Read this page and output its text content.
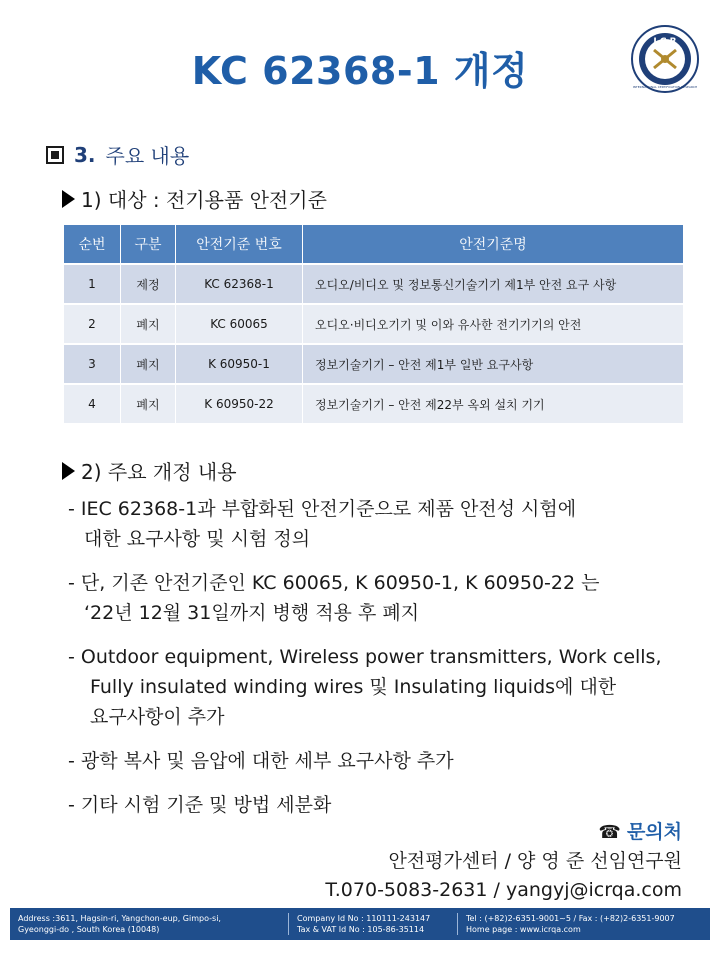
KC 62368-1 개정
I C R
INTERNATIONAL CERTIFICATION RESEARCH
3. 주요 내용
1) 대상 : 전기용품 안전기준
순번	구분	안전기준 번호	안전기준명
1	제정	KC 62368-1	오디오/비디오 및 정보통신기술기기 제1부 안전 요구 사항
2	폐지	KC 60065	오디오·비디오기기 및 이와 유사한 전기기기의 안전
3	폐지	K 60950-1	정보기술기기 – 안전 제1부 일반 요구사항
4	폐지	K 60950-22	정보기술기기 – 안전 제22부 옥외 설치 기기
2) 주요 개정 내용
- IEC 62368-1과 부합화된 안전기준으로 제품 안전성 시험에
대한 요구사항 및 시험 정의
- 단, 기존 안전기준인 KC 60065, K 60950-1, K 60950-22 는
‘22년 12월 31일까지 병행 적용 후 폐지
- Outdoor equipment, Wireless power transmitters, Work cells,
Fully insulated winding wires 및 Insulating liquids에 대한
요구사항이 추가
- 광학 복사 및 음압에 대한 세부 요구사항 추가
- 기타 시험 기준 및 방법 세분화
☎ 문의처
안전평가센터 / 양 영 준 선임연구원
T.070-5083-2631 / yangyj@icrqa.com
Address :3611, Hagsin-ri, Yangchon-eup, Gimpo-si,
Gyeonggi-do , South Korea (10048)
Company Id No : 110111-243147
Tax & VAT Id No : 105-86-35114
Tel : (+82)2-6351-9001~5 / Fax : (+82)2-6351-9007
Home page : www.icrqa.com
